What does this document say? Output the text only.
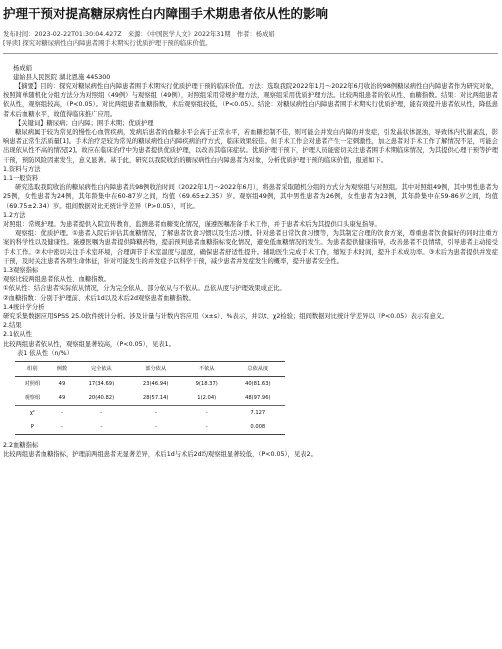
护理干预对提高糖尿病性白内障围手术期患者依从性的影响
发布时间：2023-02-22T01:30:04.427Z　来源：《中国医学人文》2022年31期　作者：杨成娟
[导读] 探究对糖尿病性白内障患者围手术期实行优质护理干预的临床价值。
杨成娟
建始县人民医院 湖北恩施 445300

【摘要】目的：探究对糖尿病性白内障患者围手术期实行优质护理干预的临床价值。方法：选取我院2022年1月～2022年6月收治的98例糖尿病性白内障患者作为研究对象，按照简单随机化分组方法分为对照组（49例）与观察组（49例），对照组采用常规护理方法，观察组采用优质护理方法。比较两组患者的依从性、血糖指数。结果：对比两组患者依从性，观察组较高，（P<0.05）。对比两组患者血糖指数，术后观察组较低，（P<0.05）。结论：对糖尿病性白内障患者围手术期实行优质护理，能有效提升患者依从性，降低患者术后血糖水平，故值得临床推广应用。

【关键词】糖尿病；白内障；围手术期；优质护理

糖尿病属于较为常见的慢性心血管疾病，发病后患者的血糖水平会高于正常水平，若血糖控制不佳，则可能会并发白内障的并发症，引发晶状体混浊，导致体内代谢紊乱，影响患者正常生活质量[1]。手术治疗是较为常见的糖尿病性白内障疾病治疗方式，临床效果较佳。但手术工作会对患者产生一定刺激性，加之患者对手术工作了解情况不足，可能会出现依从性不高的情况[2]。故应在临床治疗中为患者提供优质护理，以改善其临床症状。优质护理干预下，护理人员能密切关注患者围手术期临床情况，为其提供心理干预等护理干预，预防风险因素发生，意义显著。基于此，研究以我院收治的糖尿病性白内障患者为对象，分析优质护理干预的临床价值，报道如下。

1.资料与方法
1.1一般资料

研究选取我院收治的糖尿病性白内障患者共98例收治时间（2022年1月～2022年6月），将患者采取随机分组的方式分为观察组与对照组。其中对照组49例，其中男性患者为25例，女性患者为24例，其年龄集中在60-87岁之间，均值（69.65±2.35）岁。观察组49例，其中男性患者为26例，女性患者为23例，其年龄集中在59-86岁之间，均值（69.75±2.34）岁。组间数据对比无统计学差异（P>0.05），可比。

1.2方法

对照组：常规护理。为患者提供入院宣传教育，监测患者血糖变化情况，谨遵医嘱准备手术工作，并于患者术后为其提供口头康复指导。

观察组：优质护理。①患者入院后评估其血糖情况，了解患者饮食习惯以及生活习惯。针对患者日常饮食习惯等，为其制定合理的饮食方案，尊重患者饮食偏好的同时注重方案的科学性以及健康性。谨遵医嘱为患者提供降糖药物，提前预判患者血糖指标变化情况，避免低血糖情况的发生。为患者提供健康指导，改善患者不良情绪，引导患者主动接受手术工作。②术中密切关注手术室环境，合理调节手术室温度与湿度，确保患者舒适性提升。辅助医生完成手术工作，缩短手术时间，提升手术成功率。③术后为患者提供并发症干预，及时关注患者各项生命体征，针对可能发生的并发症予以科学干预，减少患者并发症发生的概率，提升患者安全性。

1.3观察指标

观察比较两组患者依从性、血糖指数。

①依从性：结合患者实际依从情况，分为完全依从、部分依从与不依从。总依从度与护理效果成正比。

②血糖指数：分别于护理前、术后1d以及术后2d观察患者血糖指数。

1.4统计学分析

研究采集数据应用SPSS 25.0软件统计分析。涉及计量与计数内容应用（x±s）、%表示，并以t、χ2检验；组间数据对比统计学差异以（P<0.05）表示有意义。

2.结果
2.1依从性

比较两组患者依从性，观察组显著较高，（P<0.05），见表1。

表1 依从性（n/%）
组别	例数	完全依从	部分依从	不依从	总依从度
对照组	49	17(34.69)	23(46.94)	9(18.37)	40(81.63)
观察组	49	20(40.82)	28(57.14)	1(2.04)	48(97.96)
χ²	-	-	-	-	7.127
P	-	-	-	-	0.008
2.2血糖指标

比较两组患者血糖指标，护理前两组患者无显著差异，术后1d与术后2d均观察组显著较低，（P<0.05），见表2。
